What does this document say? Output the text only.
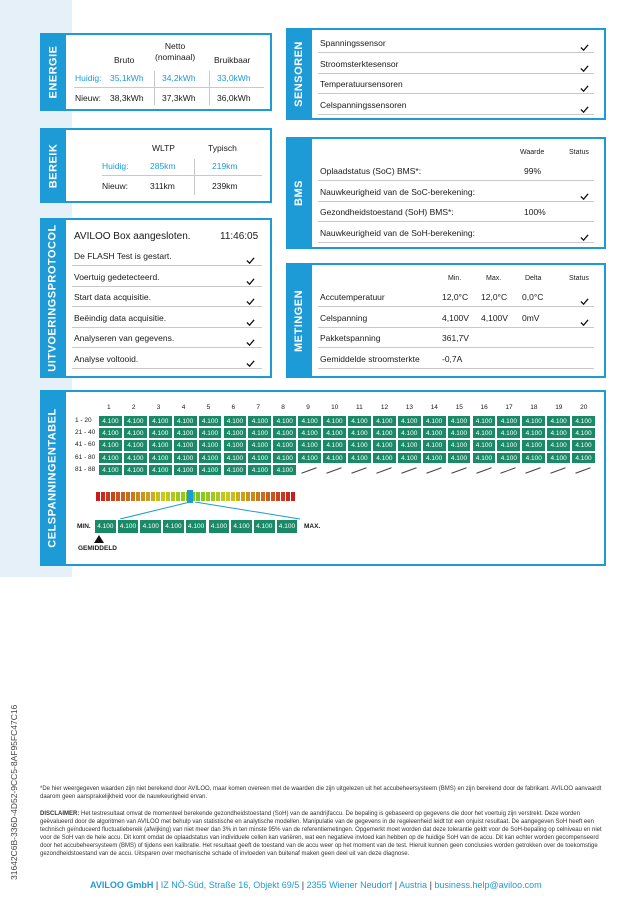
ENERGIE	Bruto
Netto
(nominaal) Bruikbaar
Huidig: 35,1kWh 34,2kWh	33,0kWh
Nieuw: 38,3kWh 37,3kWh	36,0kWh
BEREIK	WLTP	Typisch
Huidig:	285km	219km
Nieuw:	311km	239km
UITVOERINGSPROTOCOL AVILOO Box aangesloten.	11:46:05
De FLASH Test is gestart.
Voertuig gedetecteerd.
Start data acquisitie.
Beëindig data acquisitie.
Analyseren van gegevens.
Analyse voltooid.
SENSOREN Spanningssensor
Stroomsterktesensor
Temperatuursensoren
Celspanningssensoren
BMS
Waarde	Status
Oplaadstatus (SoC) BMS*:	99%
Nauwkeurigheid van de SoC-berekening:
Gezondheidstoestand (SoH) BMS*:	100%
Nauwkeurigheid van de SoH-berekening:
METINGEN
Min.	Max.	Delta	Status
Accutemperatuur	12,0°C 12,0°C 0,0°C
Celspanning	4,100V 4,100V 0mV
Pakketspanning	361,7V
Gemiddelde stroomsterkte	-0,7A
CELSPANNINGENTABEL
1	2	3	4	5	6	7	8	9	10	11	12	13	14	15	16	17	18	19	20
1 - 20	4.100	4.100	4.100	4.100	4.100	4.100	4.100	4.100	4.100	4.100	4.100	4.100	4.100	4.100	4.100	4.100	4.100	4.100	4.100	4.100
21 - 40	4.100	4.100	4.100	4.100	4.100	4.100	4.100	4.100	4.100	4.100	4.100	4.100	4.100	4.100	4.100	4.100	4.100	4.100	4.100	4.100
41 - 60	4.100	4.100	4.100	4.100	4.100	4.100	4.100	4.100	4.100	4.100	4.100	4.100	4.100	4.100	4.100	4.100	4.100	4.100	4.100	4.100
61 - 80	4.100	4.100	4.100	4.100	4.100	4.100	4.100	4.100	4.100	4.100	4.100	4.100	4.100	4.100	4.100	4.100	4.100	4.100	4.100	4.100
81 - 88	4.100	4.100	4.100	4.100	4.100	4.100	4.100	4.100
MIN. 4.100 4.100 4.100 4.100 4.100 4.100 4.100 4.100 4.100	MAX.
GEMIDDELD
31642C6B-336D-4D52-9CC5-8AF95FC47C16	*De hier weergegeven waarden zijn niet berekend door AVILOO, maar komen overeen met de waarden die zijn uitgelezen uit het accubeheersysteem (BMS) en zijn berekend door de fabrikant. AVILOO aanvaardt daarom geen aansprakelijkheid voor de nauwkeurigheid ervan.
DISCLAIMER: Het testresultaat omvat de momenteel berekende gezondheidstoestand (SoH) van de aandrijfaccu. De bepaling is gebaseerd op gegevens die door het voertuig zijn verstrekt. Deze worden geëvalueerd door de algoritmen van AVILOO met behulp van statistische en analytische modellen. Manipulatie van de gegevens in de regeleenheid leidt tot een onjuist resultaat. De aangegeven SoH heeft een technisch geïnduceerd fluctuatiebereik (afwijking) van niet meer dan 3% in ten minste 95% van de referentiemetingen. Opgemerkt moet worden dat deze tolerantie geldt voor de SoH-bepaling op celniveau en niet voor de SoH van de hele accu. Dit komt omdat de oplaadstatus van individuele cellen kan variëren, wat een negatieve invloed kan hebben op de huidige SoH van de accu. Dit kan echter worden gecompenseerd door het accubeheersysteem (BMS) of tijdens een kalibratie. Het resultaat geeft de toestand van de accu weer op het moment van de test. Hieruit kunnen geen conclusies worden getrokken over de toekomstige gezondheidstoestand van de accu. Uitsparen over mechanische schade of invloeden van buitenaf maken geen deel uit van deze diagnose.
AVILOO GmbH | IZ NÖ-Süd, Straße 16, Objekt 69/5 | 2355 Wiener Neudorf | Austria | business.help@aviloo.com
